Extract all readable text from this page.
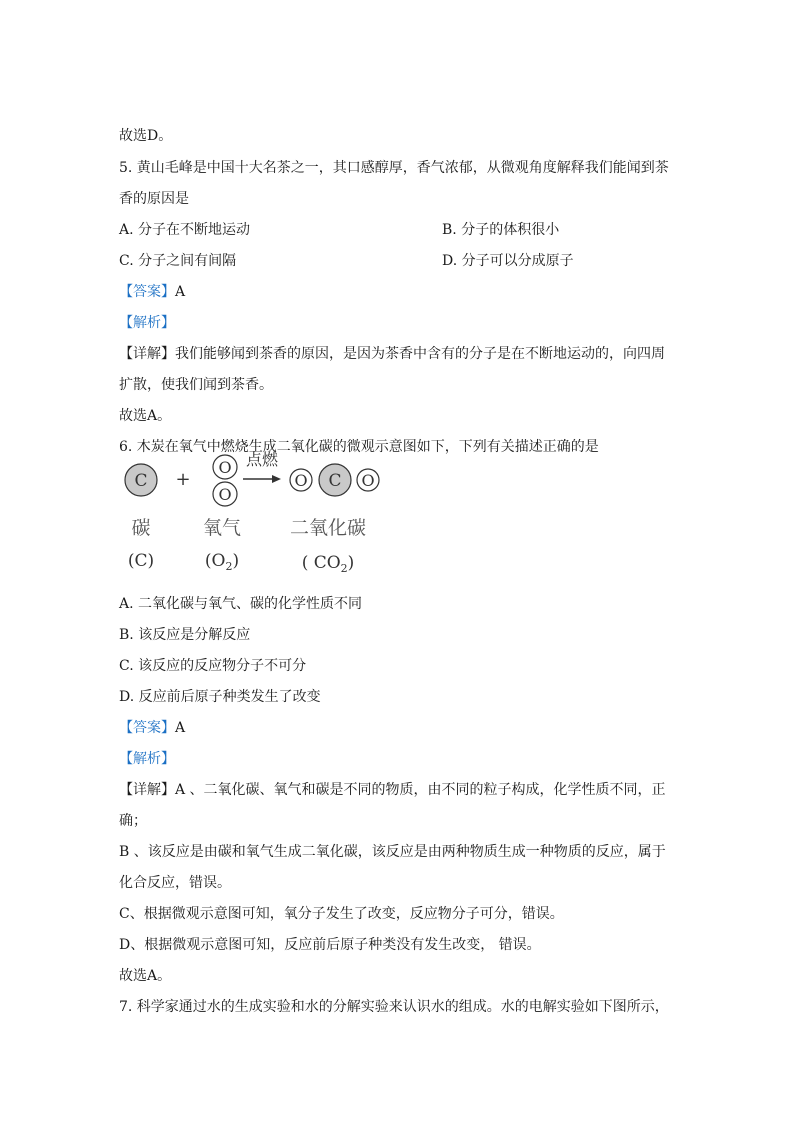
故选D。
5. 黄山毛峰是中国十大名茶之一，其口感醇厚，香气浓郁，从微观角度解释我们能闻到茶
香的原因是
A. 分子在不断地运动	B. 分子的体积很小
C. 分子之间有间隔	D. 分子可以分成原子
【答案】A
【解析】
【详解】我们能够闻到茶香的原因，是因为茶香中含有的分子是在不断地运动的，向四周
扩散，使我们闻到茶香。
故选A。
6. 木炭在氧气中燃烧生成二氧化碳的微观示意图如下，下列有关描述正确的是
C +
O
O
点燃
O C O
碳	氧气	二氧化碳
(C)	$(O_2)$	( $CO_2$)
A. 二氧化碳与氧气、碳的化学性质不同
B. 该反应是分解反应
C. 该反应的反应物分子不可分
D. 反应前后原子种类发生了改变
【答案】A
【解析】
【详解】A 、二氧化碳、氧气和碳是不同的物质，由不同的粒子构成，化学性质不同，正
确；
B 、该反应是由碳和氧气生成二氧化碳，该反应是由两种物质生成一种物质的反应，属于
化合反应，错误。
C、根据微观示意图可知，氧分子发生了改变，反应物分子可分，错误。
D、根据微观示意图可知，反应前后原子种类没有发生改变， 错误。
故选A。
7. 科学家通过水的生成实验和水的分解实验来认识水的组成。水的电解实验如下图所示，
